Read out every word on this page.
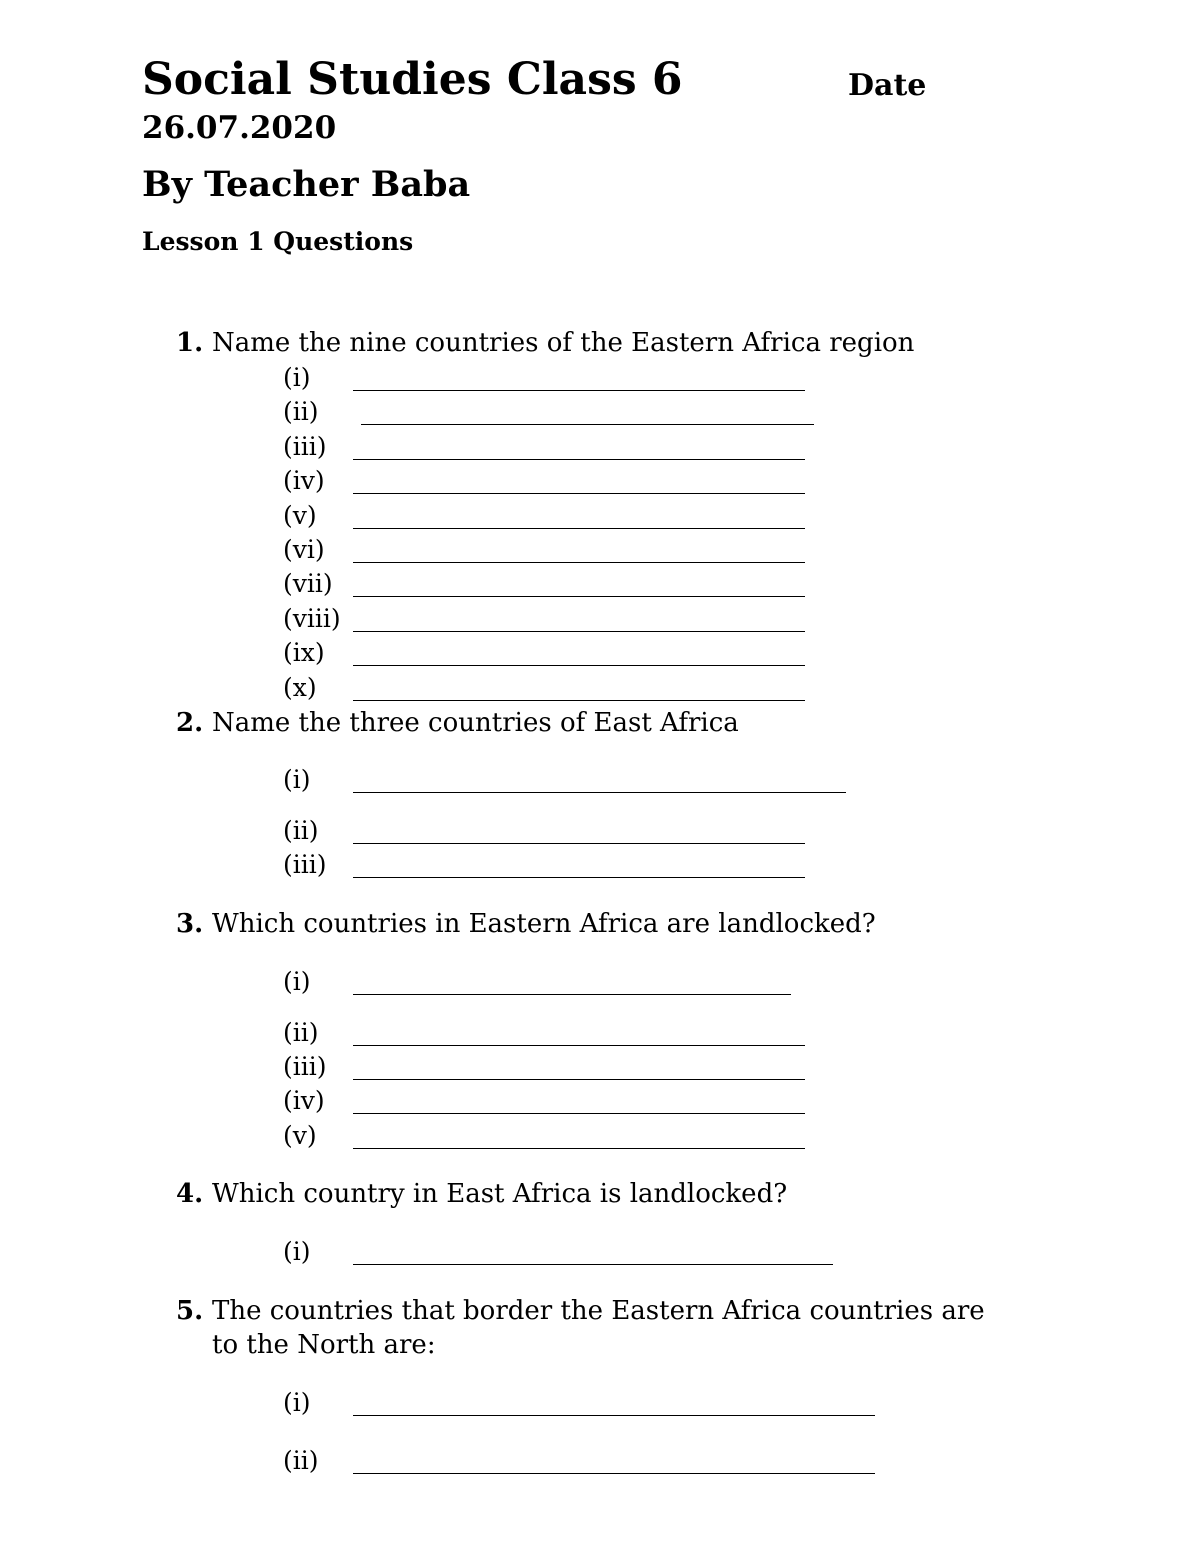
Social Studies Class 6	Date
26.07.2020
By Teacher Baba
Lesson 1 Questions
1. Name the nine countries of the Eastern Africa region
(i)
(ii)
(iii)
(iv)
(v)
(vi)
(vii)
(viii)
(ix)
(x)
2. Name the three countries of East Africa
(i)
(ii)
(iii)
3. Which countries in Eastern Africa are landlocked?
(i)
(ii)
(iii)
(iv)
(v)
4. Which country in East Africa is landlocked?
(i)
5. The countries that border the Eastern Africa countries are
to the North are:
(i)
(ii)
